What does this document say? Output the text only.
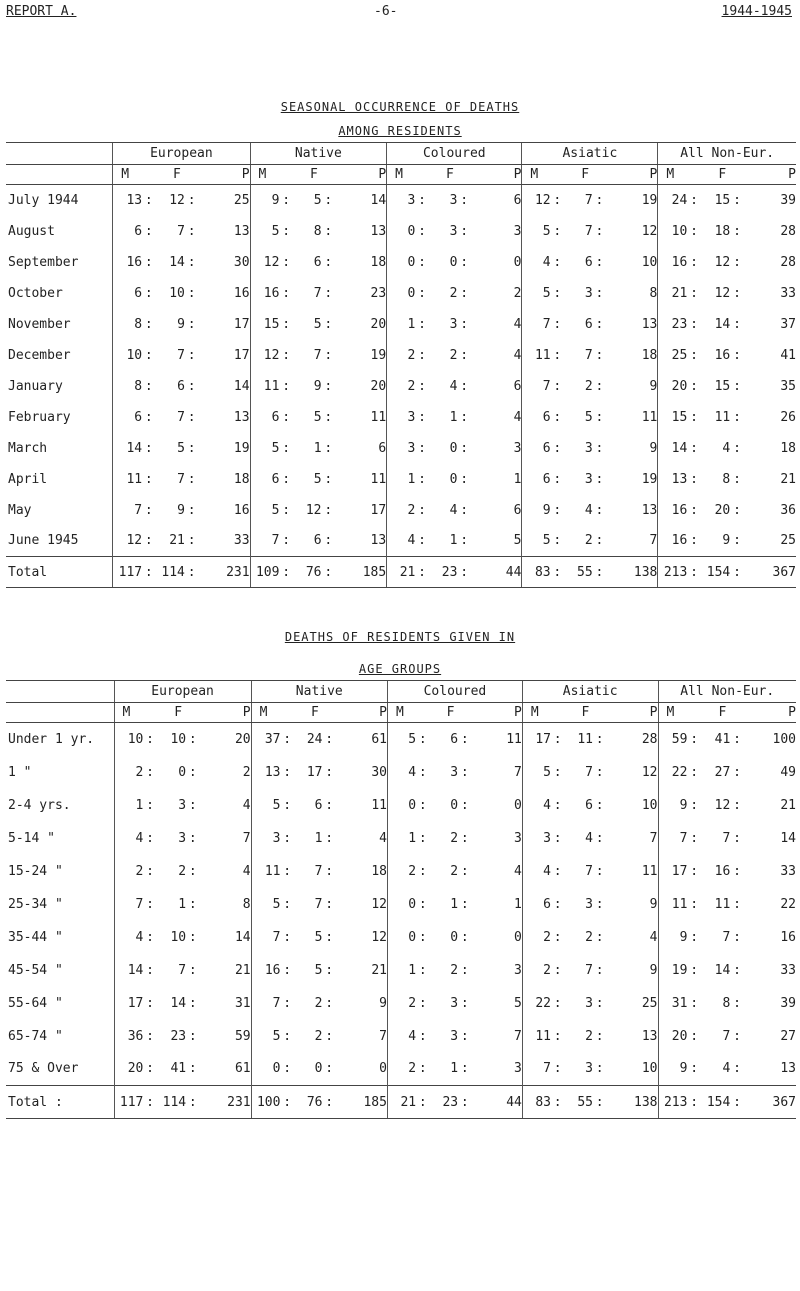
REPORT A.	-6-	1944-1945
SEASONAL OCCURRENCE OF DEATHS
AMONG RESIDENTS
	European					Native					Coloured					Asiatic					All Non-Eur.				
	M		F		P	M		F		P	M		F		P	M		F		P	M		F		P
July 1944	13	:	12	:	25	9	:	5	:	14	3	:	3	:	6	12	:	7	:	19	24	:	15	:	39
August	6	:	7	:	13	5	:	8	:	13	0	:	3	:	3	5	:	7	:	12	10	:	18	:	28
September	16	:	14	:	30	12	:	6	:	18	0	:	0	:	0	4	:	6	:	10	16	:	12	:	28
October	6	:	10	:	16	16	:	7	:	23	0	:	2	:	2	5	:	3	:	8	21	:	12	:	33
November	8	:	9	:	17	15	:	5	:	20	1	:	3	:	4	7	:	6	:	13	23	:	14	:	37
December	10	:	7	:	17	12	:	7	:	19	2	:	2	:	4	11	:	7	:	18	25	:	16	:	41
January	8	:	6	:	14	11	:	9	:	20	2	:	4	:	6	7	:	2	:	9	20	:	15	:	35
February	6	:	7	:	13	6	:	5	:	11	3	:	1	:	4	6	:	5	:	11	15	:	11	:	26
March	14	:	5	:	19	5	:	1	:	6	3	:	0	:	3	6	:	3	:	9	14	:	4	:	18
April	11	:	7	:	18	6	:	5	:	11	1	:	0	:	1	6	:	3	:	19	13	:	8	:	21
May	7	:	9	:	16	5	:	12	:	17	2	:	4	:	6	9	:	4	:	13	16	:	20	:	36
June 1945	12	:	21	:	33	7	:	6	:	13	4	:	1	:	5	5	:	2	:	7	16	:	9	:	25
Total	117	:	114	:	231	109	:	76	:	185	21	:	23	:	44	83	:	55	:	138	213	:	154	:	367
DEATHS OF RESIDENTS GIVEN IN
AGE GROUPS
	European					Native					Coloured					Asiatic					All Non-Eur.				
	M		F		P	M		F		P	M		F		P	M		F		P	M		F		P
Under 1 yr.	10	:	10	:	20	37	:	24	:	61	5	:	6	:	11	17	:	11	:	28	59	:	41	:	100
1 "	2	:	0	:	2	13	:	17	:	30	4	:	3	:	7	5	:	7	:	12	22	:	27	:	49
2-4 yrs.	1	:	3	:	4	5	:	6	:	11	0	:	0	:	0	4	:	6	:	10	9	:	12	:	21
5-14 "	4	:	3	:	7	3	:	1	:	4	1	:	2	:	3	3	:	4	:	7	7	:	7	:	14
15-24 "	2	:	2	:	4	11	:	7	:	18	2	:	2	:	4	4	:	7	:	11	17	:	16	:	33
25-34 "	7	:	1	:	8	5	:	7	:	12	0	:	1	:	1	6	:	3	:	9	11	:	11	:	22
35-44 "	4	:	10	:	14	7	:	5	:	12	0	:	0	:	0	2	:	2	:	4	9	:	7	:	16
45-54 "	14	:	7	:	21	16	:	5	:	21	1	:	2	:	3	2	:	7	:	9	19	:	14	:	33
55-64 "	17	:	14	:	31	7	:	2	:	9	2	:	3	:	5	22	:	3	:	25	31	:	8	:	39
65-74 "	36	:	23	:	59	5	:	2	:	7	4	:	3	:	7	11	:	2	:	13	20	:	7	:	27
75 & Over	20	:	41	:	61	0	:	0	:	0	2	:	1	:	3	7	:	3	:	10	9	:	4	:	13
Total :	117	:	114	:	231	100	:	76	:	185	21	:	23	:	44	83	:	55	:	138	213	:	154	:	367
